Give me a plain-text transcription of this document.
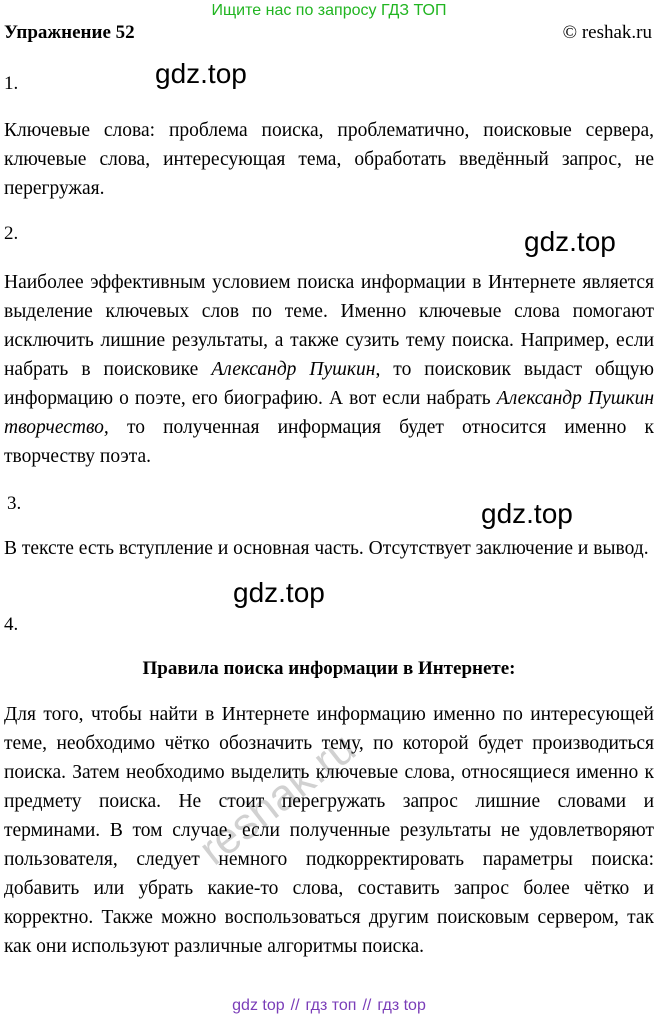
Ищите нас по запросу ГДЗ ТОП
Упражнение 52	© reshak.ru
1.	gdz.top
Ключевые слова: проблема поиска, проблематично, поисковые сервера, ключевые слова, интересующая тема, обработать введённый запрос, не перегружая.
2.	gdz.top
Наиболее эффективным условием поиска информации в Интернете является выделение ключевых слов по теме. Именно ключевые слова помогают исключить лишние результаты, а также сузить тему поиска. Например, если набрать в поисковике Александр Пушкин, то поисковик выдаст общую информацию о поэте, его биографию. А вот если набрать Александр Пушкин творчество, то полученная информация будет относится именно к творчеству поэта.
3.	gdz.top
В тексте есть вступление и основная часть. Отсутствует заключение и вывод.
gdz.top
4.
Правила поиска информации в Интернете:
Для того, чтобы найти в Интернете информацию именно по интересующей теме, необходимо чётко обозначить тему, по которой будет производиться поиска. Затем необходимо выделить ключевые слова, относящиеся именно к предмету поиска. Не стоит перегружать запрос лишние словами и терминами. В том случае, если полученные результаты не удовлетворяют пользователя, следует немного подкорректировать параметры поиска: добавить или убрать какие-то слова, составить запрос более чётко и корректно. Также можно воспользоваться другим поисковым сервером, так как они используют различные алгоритмы поиска.
reshak.ru
gdz top // гдз топ // гдз top
